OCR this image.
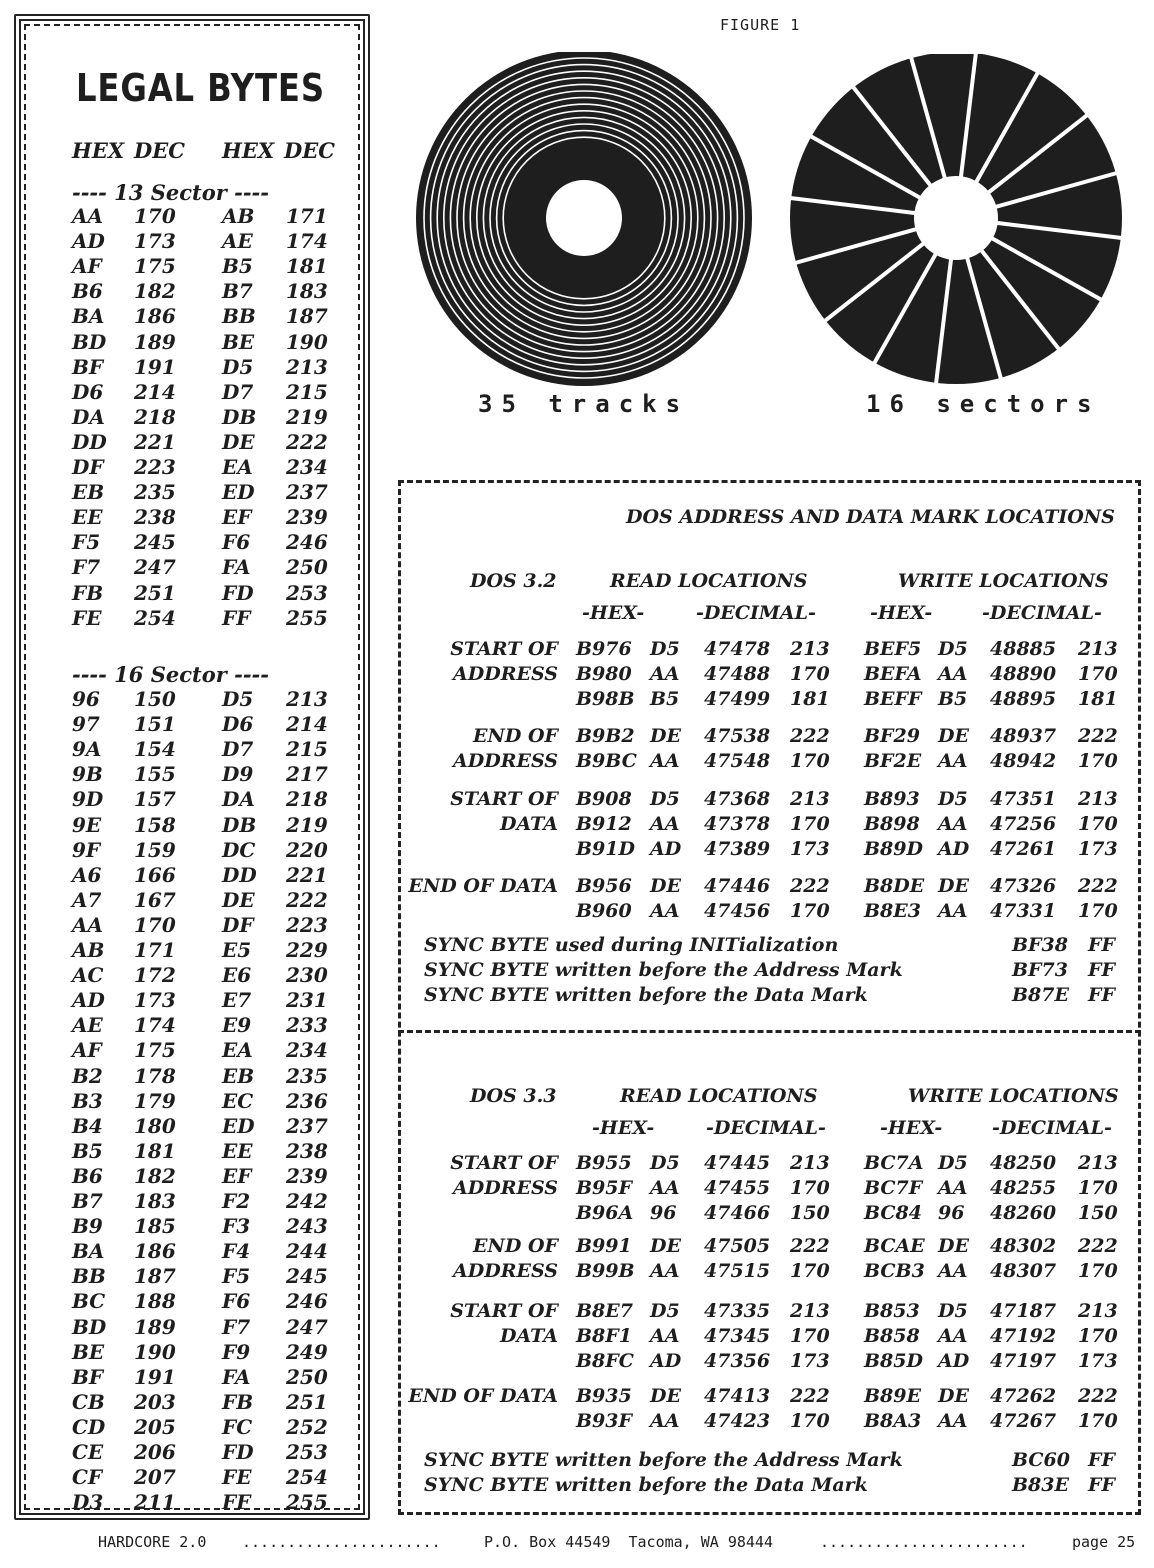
LEGAL BYTES
HEX DEC HEX DEC
---- 13 Sector ----
AA 170 AB 171
AD 173 AE 174
AF 175 B5 181
B6 182 B7 183
BA 186 BB 187
BD 189 BE 190
BF 191 D5 213
D6 214 D7 215
DA 218 DB 219
DD 221 DE 222
DF 223 EA 234
EB 235 ED 237
EE 238 EF 239
F5 245 F6 246
F7 247 FA 250
FB 251 FD 253
FE 254 FF 255
---- 16 Sector ----
96 150 D5 213
97 151 D6 214
9A 154 D7 215
9B 155 D9 217
9D 157 DA 218
9E 158 DB 219
9F 159 DC 220
A6 166 DD 221
A7 167 DE 222
AA 170 DF 223
AB 171 E5 229
AC 172 E6 230
AD 173 E7 231
AE 174 E9 233
AF 175 EA 234
B2 178 EB 235
B3 179 EC 236
B4 180 ED 237
B5 181 EE 238
B6 182 EF 239
B7 183 F2 242
B9 185 F3 243
BA 186 F4 244
BB 187 F5 245
BC 188 F6 246
BD 189 F7 247
BE 190 F9 249
BF 191 FA 250
CB 203 FB 251
CD 205 FC 252
CE 206 FD 253
CF 207 FE 254
D3 211 FF 255
FIGURE 1
35 tracks	16 sectors
DOS ADDRESS AND DATA MARK LOCATIONS
DOS 3.2	READ LOCATIONS	WRITE LOCATIONS
-HEX-	-DECIMAL-	-HEX-	-DECIMAL-
START OF
ADDRESS
B976 D5 47478 213 BEF5 D5 48885 213
B980 AA 47488 170 BEFA AA 48890 170
B98B B5 47499 181 BEFF B5 48895 181
END OF
ADDRESS
B9B2 DE 47538 222 BF29 DE 48937 222
B9BC AA 47548 170 BF2E AA 48942 170
START OF
DATA
B908 D5 47368 213 B893 D5 47351 213
B912 AA 47378 170 B898 AA 47256 170
B91D AD 47389 173 B89D AD 47261 173
END OF DATA B956 DE 47446 222 B8DE DE 47326 222
B960 AA 47456 170 B8E3 AA 47331 170
SYNC BYTE used during INITialization	BF38 FF
SYNC BYTE written before the Address Mark	BF73 FF
SYNC BYTE written before the Data Mark	B87E FF
DOS 3.3	READ LOCATIONS	WRITE LOCATIONS
-HEX-	-DECIMAL-	-HEX-	-DECIMAL-
START OF
ADDRESS
B955 D5 47445 213 BC7A D5 48250 213
B95F AA 47455 170 BC7F AA 48255 170
B96A 96 47466 150 BC84 96 48260 150
END OF
ADDRESS
B991 DE 47505 222 BCAE DE 48302 222
B99B AA 47515 170 BCB3 AA 48307 170
START OF
DATA
B8E7 D5 47335 213 B853 D5 47187 213
B8F1 AA 47345 170 B858 AA 47192 170
B8FC AD 47356 173 B85D AD 47197 173
END OF DATA B935 DE 47413 222 B89E DE 47262 222
B93F AA 47423 170 B8A3 AA 47267 170
SYNC BYTE written before the Address Mark	BC60 FF
SYNC BYTE written before the Data Mark	B83E FF
HARDCORE 2.0 ......................	P.O. Box 44549  Tacoma, WA 98444	.......................	page 25
